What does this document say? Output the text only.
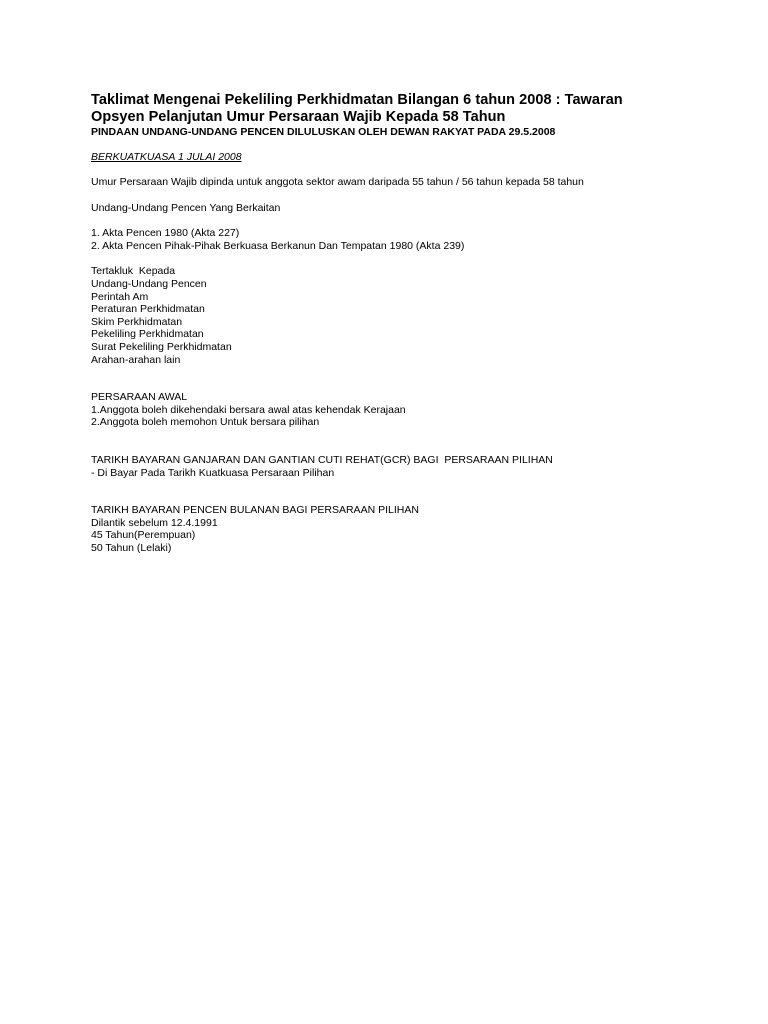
Taklimat Mengenai Pekeliling Perkhidmatan Bilangan 6 tahun 2008 : Tawaran

Opsyen Pelanjutan Umur Persaraan Wajib Kepada 58 Tahun

PINDAAN UNDANG-UNDANG PENCEN DILULUSKAN OLEH DEWAN RAKYAT PADA 29.5.2008

BERKUATKUASA 1 JULAI 2008

Umur Persaraan Wajib dipinda untuk anggota sektor awam daripada 55 tahun / 56 tahun kepada 58 tahun

Undang-Undang Pencen Yang Berkaitan

1. Akta Pencen 1980 (Akta 227)

2. Akta Pencen Pihak-Pihak Berkuasa Berkanun Dan Tempatan 1980 (Akta 239)

Tertakluk  Kepada

Undang-Undang Pencen

Perintah Am

Peraturan Perkhidmatan

Skim Perkhidmatan

Pekeliling Perkhidmatan

Surat Pekeliling Perkhidmatan

Arahan-arahan lain

PERSARAAN AWAL

1.Anggota boleh dikehendaki bersara awal atas kehendak Kerajaan

2.Anggota boleh memohon Untuk bersara pilihan

TARIKH BAYARAN GANJARAN DAN GANTIAN CUTI REHAT(GCR) BAGI  PERSARAAN PILIHAN

- Di Bayar Pada Tarikh Kuatkuasa Persaraan Pilihan

TARIKH BAYARAN PENCEN BULANAN BAGI PERSARAAN PILIHAN

Dilantik sebelum 12.4.1991

45 Tahun(Perempuan)

50 Tahun (Lelaki)
